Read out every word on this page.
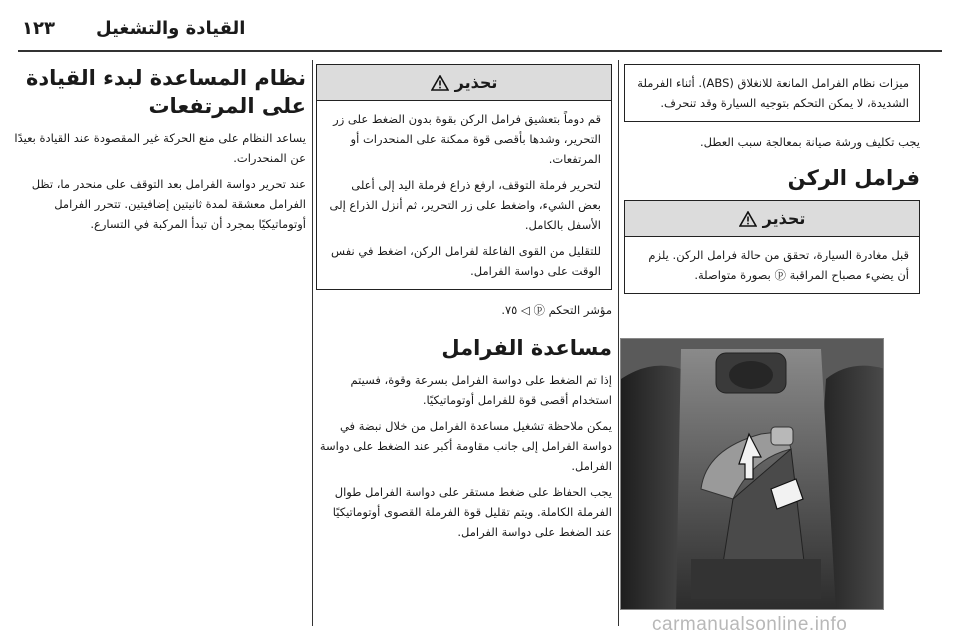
١٢٣ القيادة والتشغيل
نظام المساعدة لبدء القيادة على المرتفعات
يساعد النظام على منع الحركة غير المقصودة عند القيادة بعيدًا عن المنحدرات.
عند تحرير دواسة الفرامل بعد التوقف على منحدر ما، تظل الفرامل معشقة لمدة ثانيتين إضافيتين. تتحرر الفرامل أوتوماتيكيًا بمجرد أن تبدأ المركبة في التسارع.
تحذير
قم دوماً بتعشيق فرامل الركن بقوة بدون الضغط على زر التحرير، وشدها بأقصى قوة ممكنة على المنحدرات أو المرتفعات.
لتحرير فرملة التوقف، ارفع ذراع فرملة اليد إلى أعلى بعض الشيء، واضغط على زر التحرير، ثم أنزل الذراع إلى الأسفل بالكامل.
للتقليل من القوى الفاعلة لفرامل الركن، اضغط في نفس الوقت على دواسة الفرامل.
مؤشر التحكم ⓟ ◁ ٧٥.
مساعدة الفرامل
إذا تم الضغط على دواسة الفرامل بسرعة وقوة، فسيتم استخدام أقصى قوة للفرامل أوتوماتيكيًا.
يمكن ملاحظة تشغيل مساعدة الفرامل من خلال نبضة في دواسة الفرامل إلى جانب مقاومة أكبر عند الضغط على دواسة الفرامل.
يجب الحفاظ على ضغط مستقر على دواسة الفرامل طوال الفرملة الكاملة. ويتم تقليل قوة الفرملة القصوى أوتوماتيكيًا عند الضغط على دواسة الفرامل.
ميزات نظام الفرامل المانعة للانغلاق (ABS). أثناء الفرملة الشديدة، لا يمكن التحكم بتوجيه السيارة وقد تنحرف.
يجب تكليف ورشة صيانة بمعالجة سبب العطل.
فرامل الركن
تحذير
قبل مغادرة السيارة، تحقق من حالة فرامل الركن. يلزم أن يضيء مصباح المراقبة ⓟ بصورة متواصلة.
carmanualsonline.info
